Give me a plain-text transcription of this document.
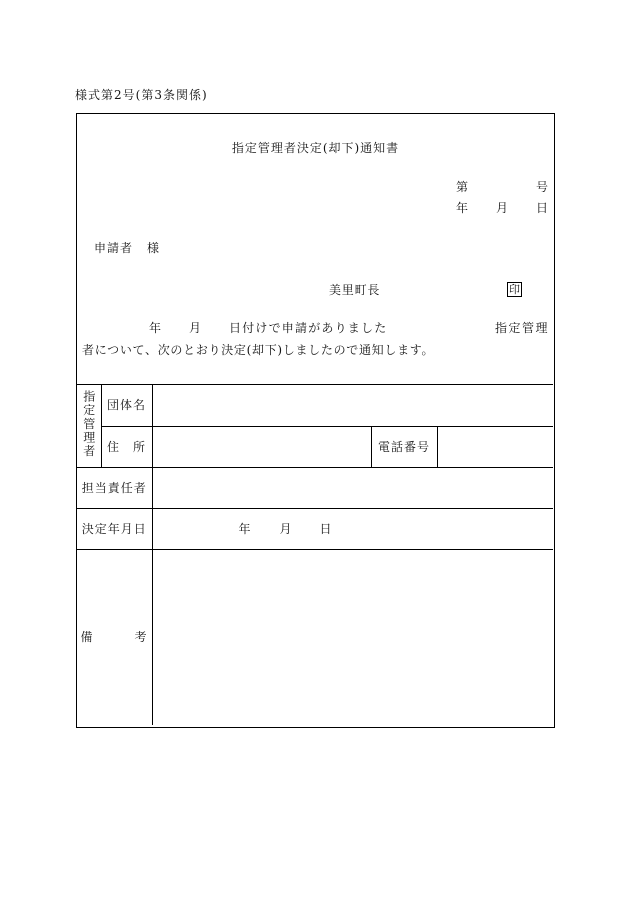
様式第2号(第3条関係)
指定管理者	団体名			
	住　所		電話番号	
担当責任者				
決定年月日		年 月 日		
備　　　考				
指定管理者決定(却下)通知書
第	号
年 月 日
申請者 様
美里町長	印
年 月 日付けで申請がありました	指定管理
者について、次のとおり決定(却下)しましたので通知します。
